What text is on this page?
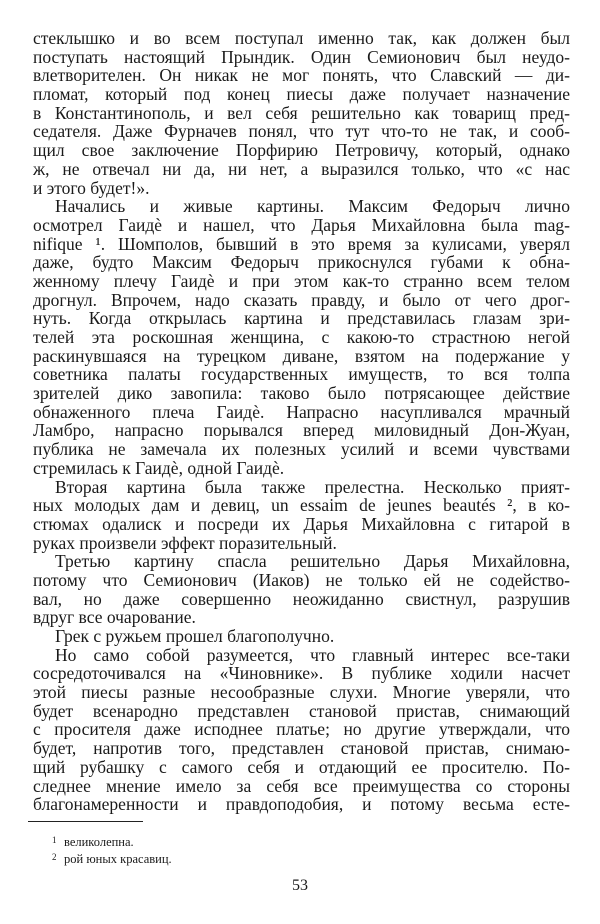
стеклышко и во всем поступал именно так, как должен был
поступать настоящий Прындик. Один Семионович был неудо-
влетворителен. Он никак не мог понять, что Славский — ди-
пломат, который под конец пиесы даже получает назначение
в Константинополь, и вел себя решительно как товарищ пред-
седателя. Даже Фурначев понял, что тут что-то не так, и сооб-
щил свое заключение Порфирию Петровичу, который, однако
ж, не отвечал ни да, ни нет, а выразился только, что «с нас
и этого будет!».
Начались и живые картины. Максим Федорыч лично
осмотрел Гаидѐ и нашел, что Дарья Михайловна была mag-
nifique ¹. Шомполов, бывший в это время за кулисами, уверял
даже, будто Максим Федорыч прикоснулся губами к обна-
женному плечу Гаидѐ и при этом как-то странно всем телом
дрогнул. Впрочем, надо сказать правду, и было от чего дрог-
нуть. Когда открылась картина и представилась глазам зри-
телей эта роскошная женщина, с какою-то страстною негой
раскинувшаяся на турецком диване, взятом на подержание у
советника палаты государственных имуществ, то вся толпа
зрителей дико завопила: таково было потрясающее действие
обнаженного плеча Гаидѐ. Напрасно насупливался мрачный
Ламбро, напрасно порывался вперед миловидный Дон-Жуан,
публика не замечала их полезных усилий и всеми чувствами
стремилась к Гаидѐ, одной Гаидѐ.
Вторая картина была также прелестна. Несколько прият-
ных молодых дам и девиц, un essaim de jeunes beautés ², в ко-
стюмах одалиск и посреди их Дарья Михайловна с гитарой в
руках произвели эффект поразительный.
Третью картину спасла решительно Дарья Михайловна,
потому что Семионович (Иаков) не только ей не содейство-
вал, но даже совершенно неожиданно свистнул, разрушив
вдруг все очарование.
Грек с ружьем прошел благополучно.
Но само собой разумеется, что главный интерес все-таки
сосредоточивался на «Чиновнике». В публике ходили насчет
этой пиесы разные несообразные слухи. Многие уверяли, что
будет всенародно представлен становой пристав, снимающий
с просителя даже исподнее платье; но другие утверждали, что
будет, напротив того, представлен становой пристав, снимаю-
щий рубашку с самого себя и отдающий ее просителю. По-
следнее мнение имело за себя все преимущества со стороны
благонамеренности и правдоподобия, и потому весьма есте-
1 великолепна.
2 рой юных красавиц.
53
